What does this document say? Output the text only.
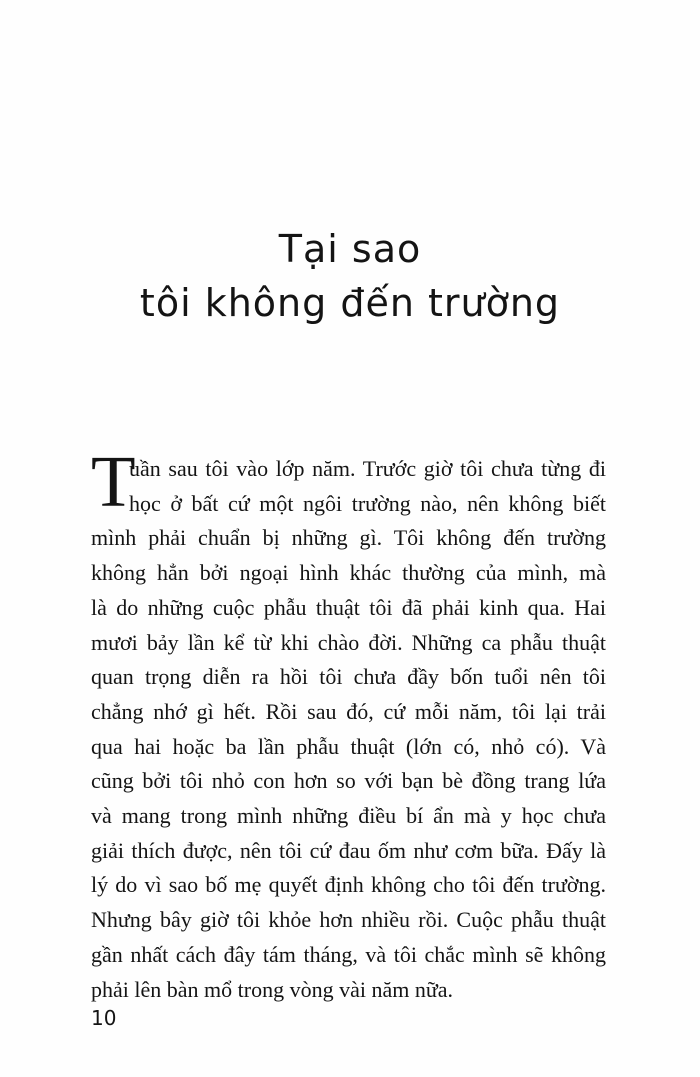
Tại sao
tôi không đến trường
T
uần sau tôi vào lớp năm. Trước giờ tôi chưa từng đi
học ở bất cứ một ngôi trường nào, nên không biết
mình phải chuẩn bị những gì. Tôi không đến trường
không hẳn bởi ngoại hình khác thường của mình, mà
là do những cuộc phẫu thuật tôi đã phải kinh qua. Hai
mươi bảy lần kể từ khi chào đời. Những ca phẫu thuật
quan trọng diễn ra hồi tôi chưa đầy bốn tuổi nên tôi
chẳng nhớ gì hết. Rồi sau đó, cứ mỗi năm, tôi lại trải
qua hai hoặc ba lần phẫu thuật (lớn có, nhỏ có). Và
cũng bởi tôi nhỏ con hơn so với bạn bè đồng trang lứa
và mang trong mình những điều bí ẩn mà y học chưa
giải thích được, nên tôi cứ đau ốm như cơm bữa. Đấy là
lý do vì sao bố mẹ quyết định không cho tôi đến trường.
Nhưng bây giờ tôi khỏe hơn nhiều rồi. Cuộc phẫu thuật
gần nhất cách đây tám tháng, và tôi chắc mình sẽ không
phải lên bàn mổ trong vòng vài năm nữa.
10
